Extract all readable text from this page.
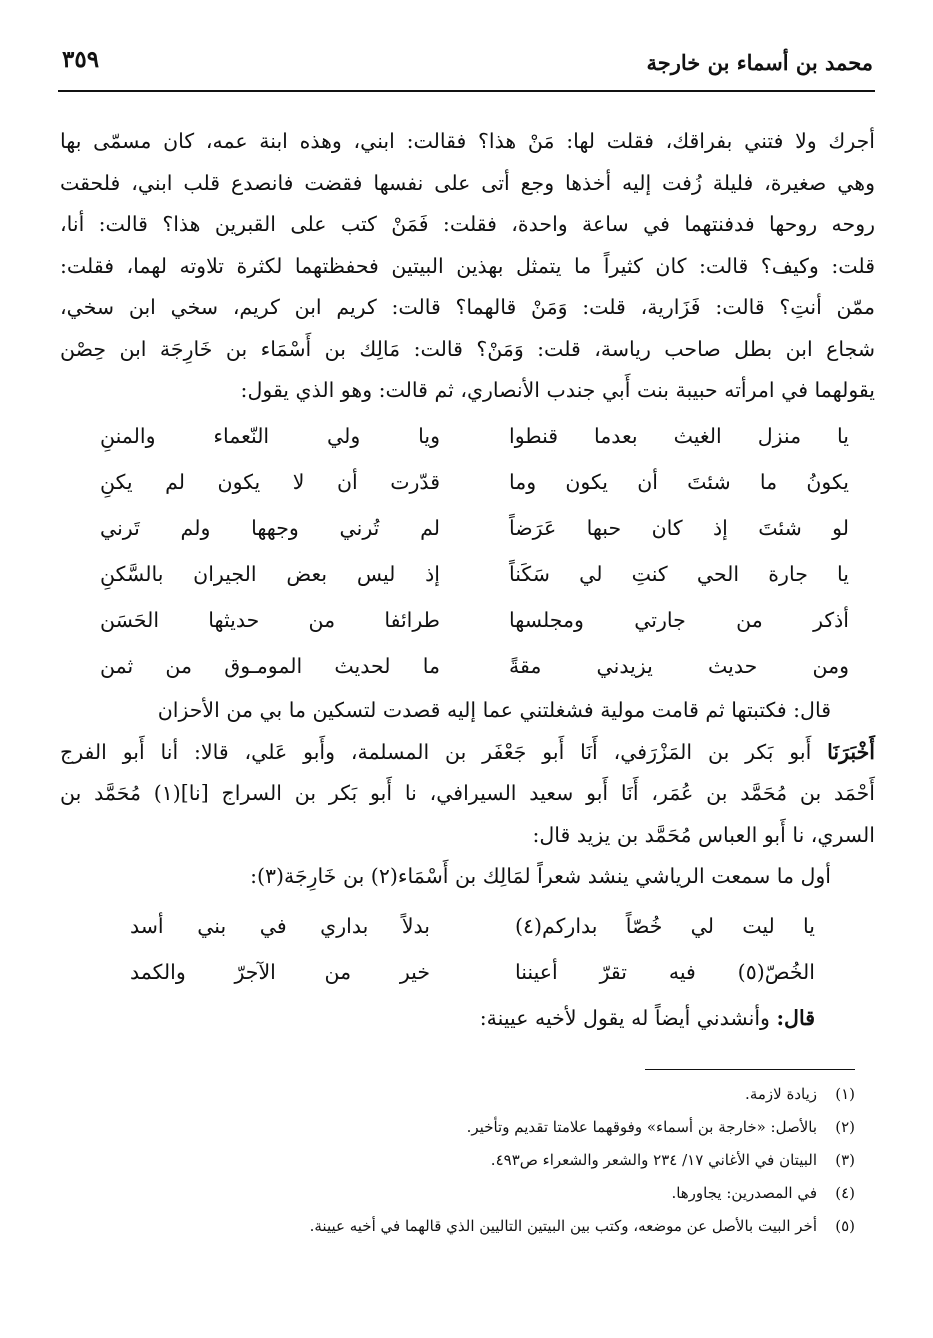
محمد بن أسماء بن خارجة
٣٥٩
أجرك ولا فتني بفراقك، فقلت لها: مَنْ هذا؟ فقالت: ابني، وهذه ابنة عمه، كان مسمّى بها
وهي صغيرة، فليلة زُفت إليه أخذها وجع أتى على نفسها فقضت فانصدع قلب ابني، فلحقت
روحه روحها فدفنتهما في ساعة واحدة، فقلت: فَمَنْ كتب على القبرين هذا؟ قالت: أنا،
قلت: وكيف؟ قالت: كان كثيراً ما يتمثل بهذين البيتين فحفظتهما لكثرة تلاوته لهما، فقلت:
ممّن أنتِ؟ قالت: فَزَارية، قلت: وَمَنْ قالهما؟ قالت: كريم ابن كريم، سخي ابن سخي،
شجاع ابن بطل صاحب رياسة، قلت: وَمَنْ؟ قالت: مَالِك بن أَسْمَاء بن خَارِجَة ابن حِصْن
يقولهما في امرأته حبيبة بنت أَبي جندب الأنصاري، ثم قالت: وهو الذي يقول:
يا منزل الغيث بعدما قنطوا
ويا ولي النّعماء والمننِ
يكونُ ما شئتَ أن يكون وما
قدّرت أن لا يكون لم يكنِ
لو شئتَ إذ كان حبها عَرَضاً
لم تُرني وجهها ولم تَرني
يا جارة الحي كنتِ لي سَكَناً
إذ ليس بعض الجيران بالسَّكنِ
أذكر من جارتي ومجلسها
طرائفا من حديثها الحَسَن
ومن حديث يزيدني مقةً
ما لحديث المومـوق من ثمن
قال: فكتبتها ثم قامت مولية فشغلتني عما إليه قصدت لتسكين ما بي من الأحزان
أَخْبَرَنَا أَبو بَكر بن المَزْرَفي، أَنَا أَبو جَعْفَر بن المسلمة، وأَبو عَلي، قالا: أنا أَبو الفرج
أَحْمَد بن مُحَمَّد بن عُمَر، أَنَا أَبو سعيد السيرافي، نا أَبو بَكر بن السراج [نا](١) مُحَمَّد بن
السري، نا أَبو العباس مُحَمَّد بن يزيد قال:
أول ما سمعت الرياشي ينشد شعراً لمَالِك بن أَسْمَاء(٢) بن خَارِجَة(٣):
يا ليت لي خُصّاً بداركم(٤)
بدلاً بداري في بني أسد
الخُصّ(٥) فيه تقرّ أعيننا
خير من الآجرّ والكمد
قال: وأنشدني أيضاً له يقول لأخيه عيينة:
(١)زيادة لازمة.
(٢)بالأصل: «خارجة بن أسماء» وفوقهما علامتا تقديم وتأخير.
(٣)البيتان في الأغاني ١٧/ ٢٣٤ والشعر والشعراء ص٤٩٣.
(٤)في المصدرين: يجاورها.
(٥)أخر البيت بالأصل عن موضعه، وكتب بين البيتين التاليين الذي قالهما في أخيه عيينة.
